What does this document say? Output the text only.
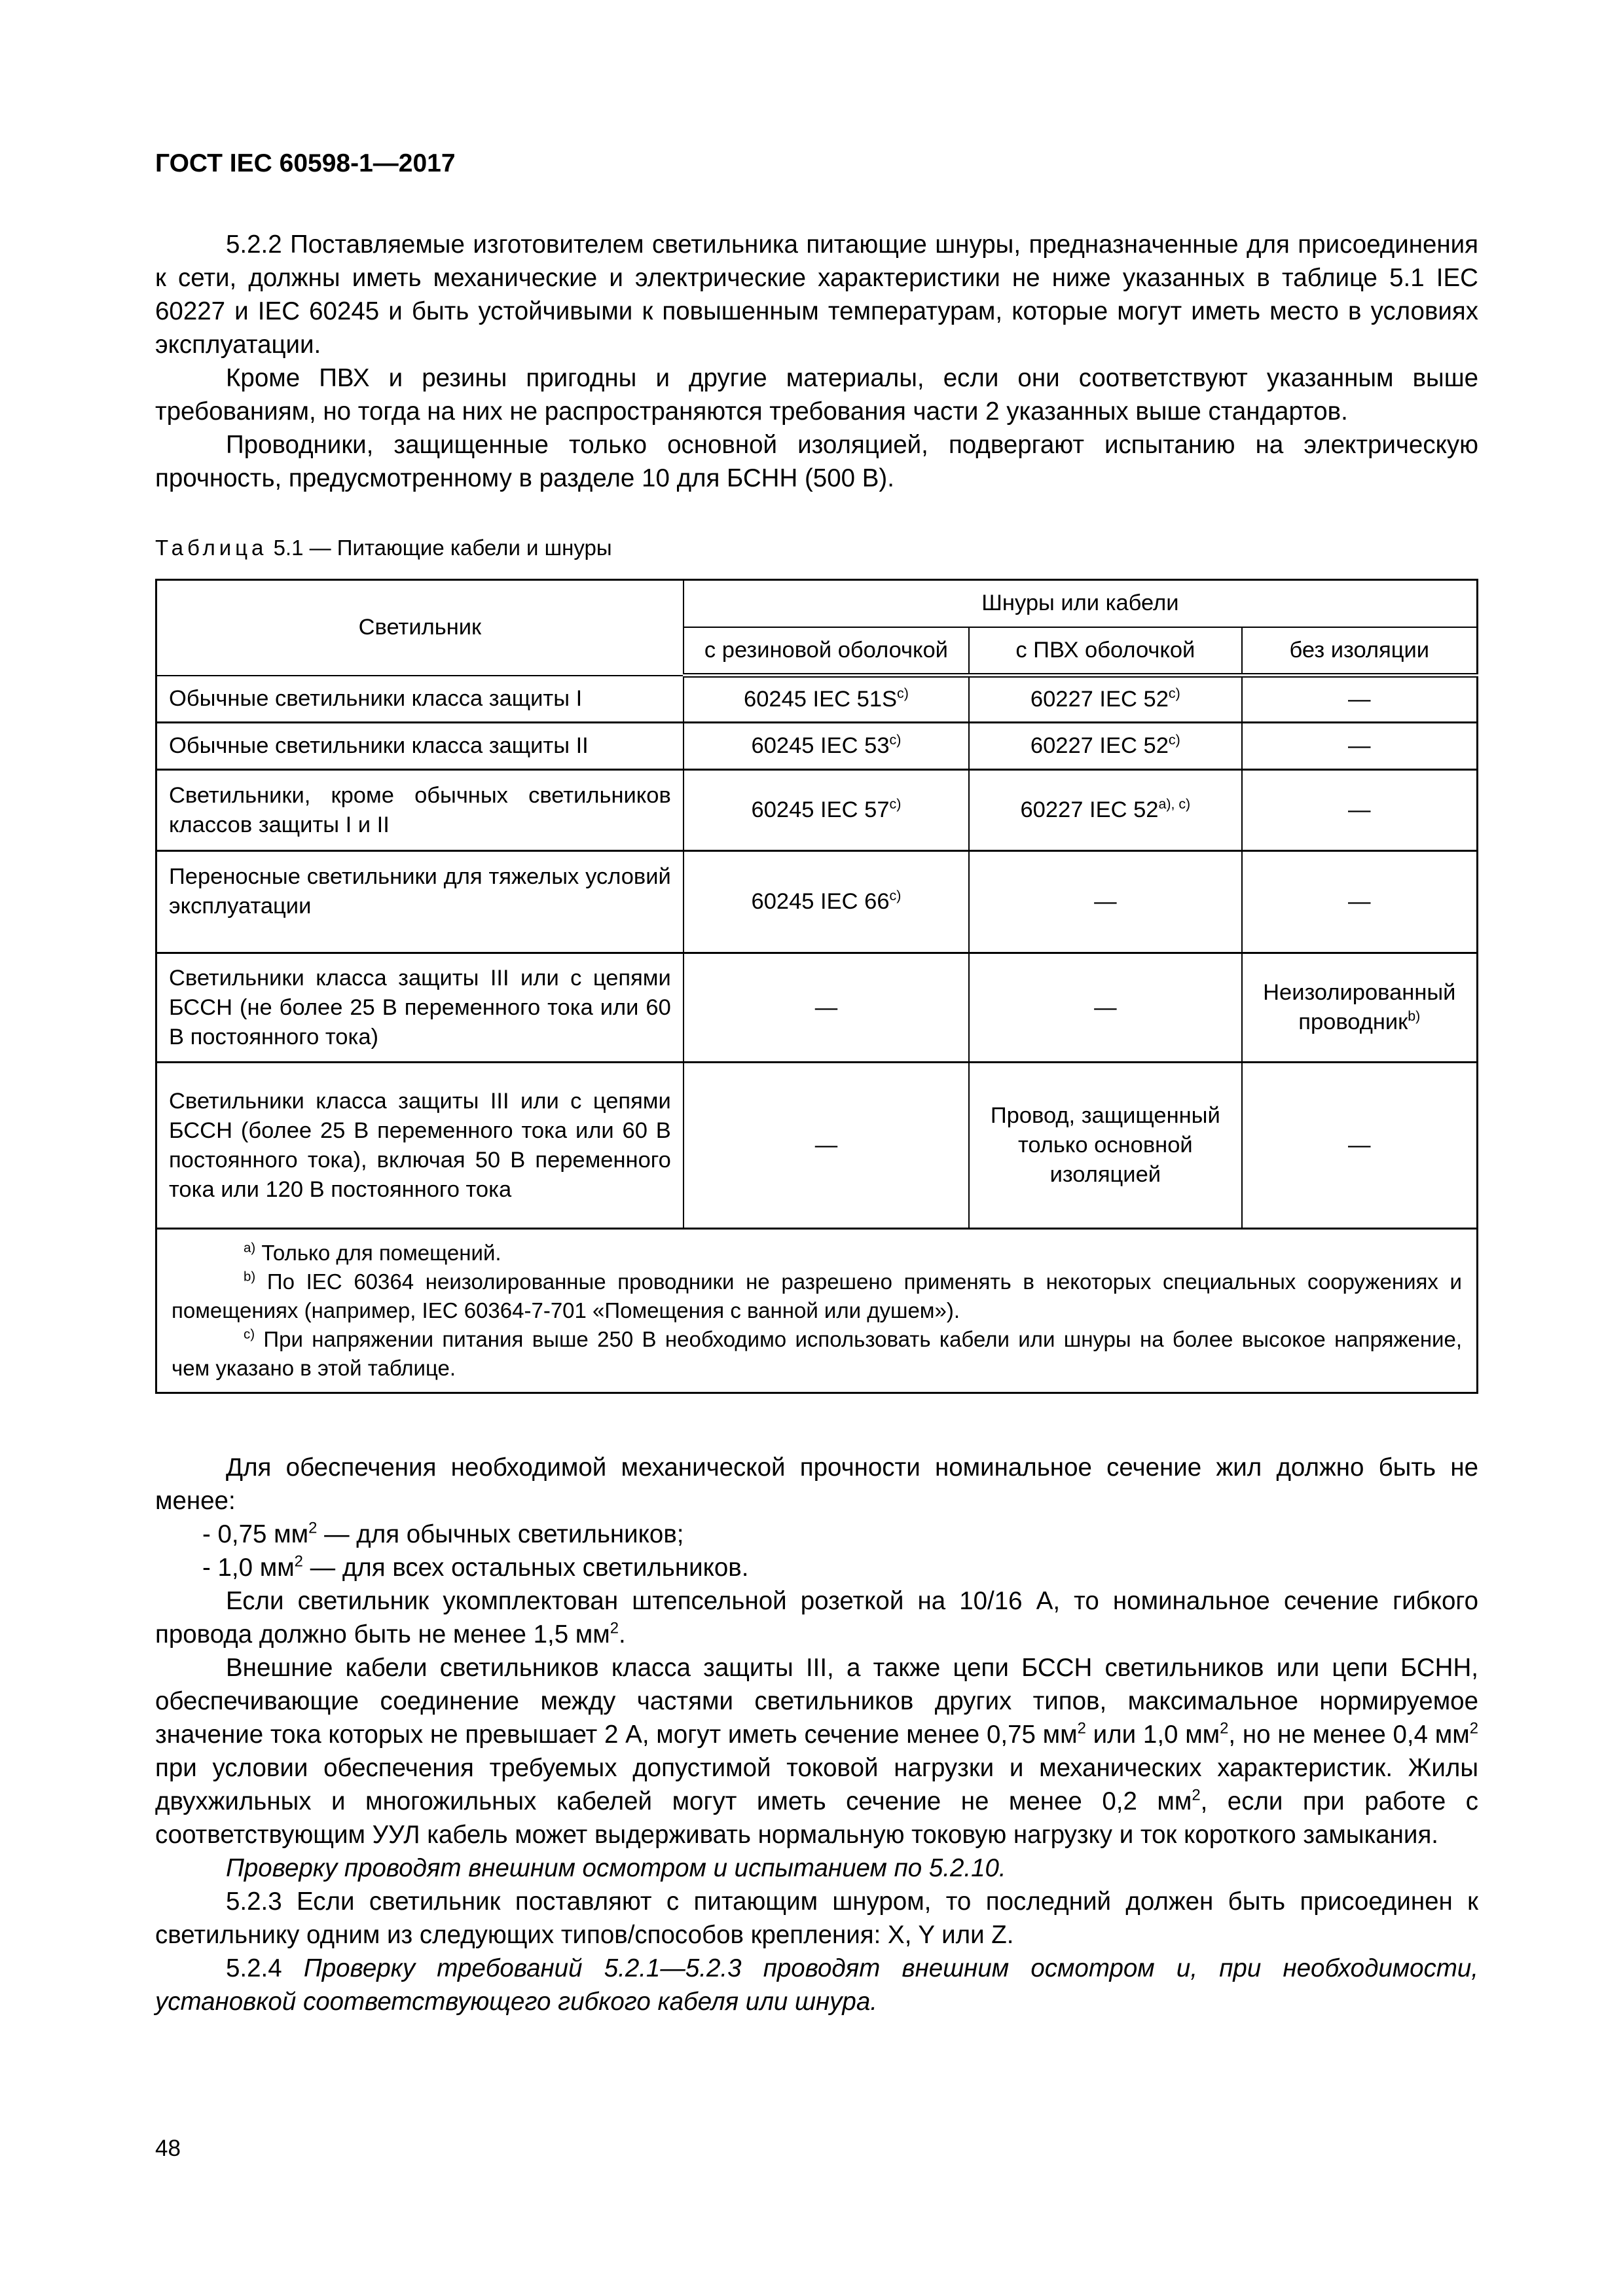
ГОСТ IEC 60598-1—2017

5.2.2 Поставляемые изготовителем светильника питающие шнуры, предназначенные для присоединения к сети, должны иметь механические и электрические характеристики не ниже указанных в таблице 5.1 IEC 60227 и IEC 60245 и быть устойчивыми к повышенным температурам, которые могут иметь место в условиях эксплуатации.

Кроме ПВХ и резины пригодны и другие материалы, если они соответствуют указанным выше требованиям, но тогда на них не распространяются требования части 2 указанных выше стандартов.

Проводники, защищенные только основной изоляцией, подвергают испытанию на электрическую прочность, предусмотренному в разделе 10 для БСНН (500 В).

Таблица 5.1 — Питающие кабели и шнуры
Светильник	Шнуры или кабели		
	с резиновой оболочкой	с ПВХ оболочкой	без изоляции
Обычные светильники класса защиты I	60245 IEC $51S^{c)}$	60227 IEC 52$^{c)}$	—
Обычные светильники класса защиты II	60245 IEC 53$^{c)}$	60227 IEC 52$^{c)}$	—
Светильники, кроме обычных светильников классов защиты I и II	60245 IEC 57$^{c)}$	60227 IEC $52^{a), c)}$	—
Переносные светильники для тяжелых условий эксплуатации	60245 IEC 66$^{c)}$	—	—
Светильники класса защиты III или с цепями БССН (не более 25 В переменного тока или 60 В постоянного тока)	—	—	Неизолированный проводник$^{b)}$
Светильники класса защиты III или с цепями БССН (более 25 В переменного тока или 60 В постоянного тока), включая 50 В переменного тока или 120 В постоянного тока	—	Провод, защищенный только основной изоляцией	—

$^{a)}$ Только для помещений.

$^{b)}$ По IEC 60364 неизолированные проводники не разрешено применять в некоторых специальных сооружениях и помещениях (например, IEC 60364-7-701 «Помещения с ванной или душем»).

$^{c)}$ При напряжении питания выше 250 В необходимо использовать кабели или шнуры на более высокое напряжение, чем указано в этой таблице.			

Для обеспечения необходимой механической прочности номинальное сечение жил должно быть не менее:

- 0,75 $мм^2$ — для обычных светильников;

- 1,0 $мм^2$ — для всех остальных светильников.

Если светильник укомплектован штепсельной розеткой на 10/16 А, то номинальное сечение гибкого провода должно быть не менее 1,5 $мм^2$.

Внешние кабели светильников класса защиты III, а также цепи БССН светильников или цепи БСНН, обеспечивающие соединение между частями светильников других типов, максимальное нормируемое значение тока которых не превышает 2 А, могут иметь сечение менее 0,75 $мм^2$ или 1,0 $мм^2$, но не менее 0,4 $мм^2$ при условии обеспечения требуемых допустимой токовой нагрузки и механических характеристик. Жилы двухжильных и многожильных кабелей могут иметь сечение не менее 0,2 $мм^2$, если при работе с соответствующим УУЛ кабель может выдерживать нормальную токовую нагрузку и ток короткого замыкания.

Проверку проводят внешним осмотром и испытанием по 5.2.10.

5.2.3 Если светильник поставляют с питающим шнуром, то последний должен быть присоединен к светильнику одним из следующих типов/способов крепления: X, Y или Z.

5.2.4 Проверку требований 5.2.1—5.2.3 проводят внешним осмотром и, при необходимости, установкой соответствующего гибкого кабеля или шнура.

48
